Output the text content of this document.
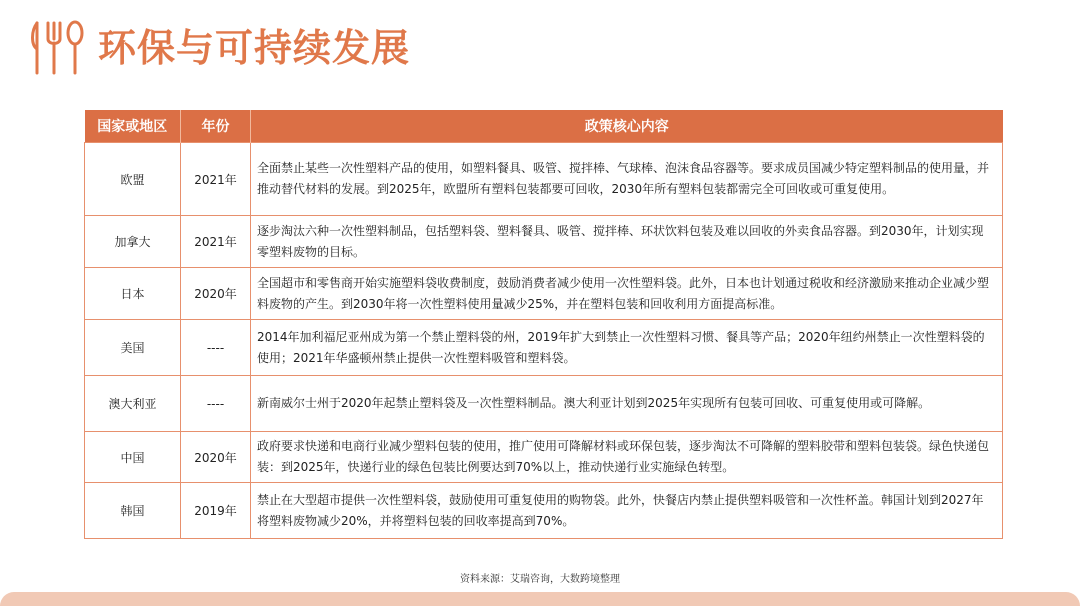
环保与可持续发展
国家或地区	年份	政策核心内容
欧盟	2021年	全面禁止某些一次性塑料产品的使用，如塑料餐具、吸管、搅拌棒、气球棒、泡沫食品容器等。要求成员国减少特定塑料制品的使用量，并推动替代材料的发展。到2025年，欧盟所有塑料包装都要可回收，2030年所有塑料包装都需完全可回收或可重复使用。
加拿大	2021年	逐步淘汰六种一次性塑料制品，包括塑料袋、塑料餐具、吸管、搅拌棒、环状饮料包装及难以回收的外卖食品容器。到2030年，计划实现零塑料废物的目标。
日本	2020年	全国超市和零售商开始实施塑料袋收费制度，鼓励消费者减少使用一次性塑料袋。此外，日本也计划通过税收和经济激励来推动企业减少塑料废物的产生。到2030年将一次性塑料使用量减少25%，并在塑料包装和回收利用方面提高标准。
美国	----	2014年加利福尼亚州成为第一个禁止塑料袋的州，2019年扩大到禁止一次性塑料习惯、餐具等产品；2020年纽约州禁止一次性塑料袋的使用；2021年华盛顿州禁止提供一次性塑料吸管和塑料袋。
澳大利亚	----	新南威尔士州于2020年起禁止塑料袋及一次性塑料制品。澳大利亚计划到2025年实现所有包装可回收、可重复使用或可降解。
中国	2020年	政府要求快递和电商行业减少塑料包装的使用，推广使用可降解材料或环保包装，逐步淘汰不可降解的塑料胶带和塑料包装袋。绿色快递包装：到2025年，快递行业的绿色包装比例要达到70%以上，推动快递行业实施绿色转型。
韩国	2019年	禁止在大型超市提供一次性塑料袋，鼓励使用可重复使用的购物袋。此外，快餐店内禁止提供塑料吸管和一次性杯盖。韩国计划到2027年将塑料废物减少20%，并将塑料包装的回收率提高到70%。
资料来源：艾瑞咨询，大数跨境整理
